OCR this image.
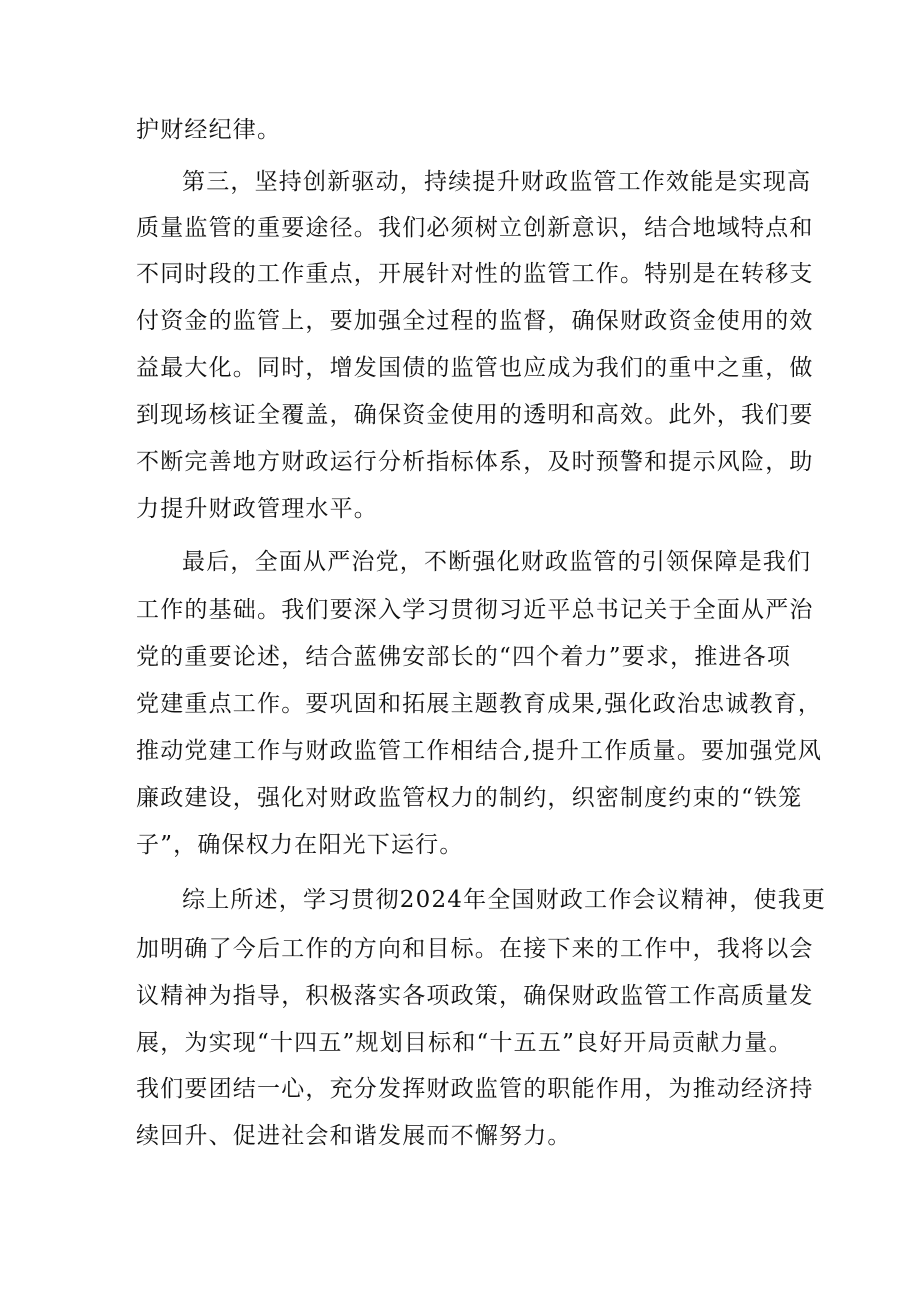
护财经纪律。

第三，坚持创新驱动，持续提升财政监管工作效能是实现高

质量监管的重要途径。我们必须树立创新意识，结合地域特点和

不同时段的工作重点，开展针对性的监管工作。特别是在转移支

付资金的监管上，要加强全过程的监督，确保财政资金使用的效

益最大化。同时，增发国债的监管也应成为我们的重中之重，做

到现场核证全覆盖，确保资金使用的透明和高效。此外，我们要

不断完善地方财政运行分析指标体系，及时预警和提示风险，助

力提升财政管理水平。

最后，全面从严治党，不断强化财政监管的引领保障是我们

工作的基础。我们要深入学习贯彻习近平总书记关于全面从严治

党的重要论述，结合蓝佛安部长的“四个着力”要求，推进各项

党建重点工作。要巩固和拓展主题教育成果,强化政治忠诚教育，

推动党建工作与财政监管工作相结合,提升工作质量。要加强党风

廉政建设，强化对财政监管权力的制约，织密制度约束的“铁笼

子”，确保权力在阳光下运行。

综上所述，学习贯彻2024年全国财政工作会议精神，使我更

加明确了今后工作的方向和目标。在接下来的工作中，我将以会

议精神为指导，积极落实各项政策，确保财政监管工作高质量发

展，为实现“十四五”规划目标和“十五五”良好开局贡献力量。

我们要团结一心，充分发挥财政监管的职能作用，为推动经济持

续回升、促进社会和谐发展而不懈努力。
